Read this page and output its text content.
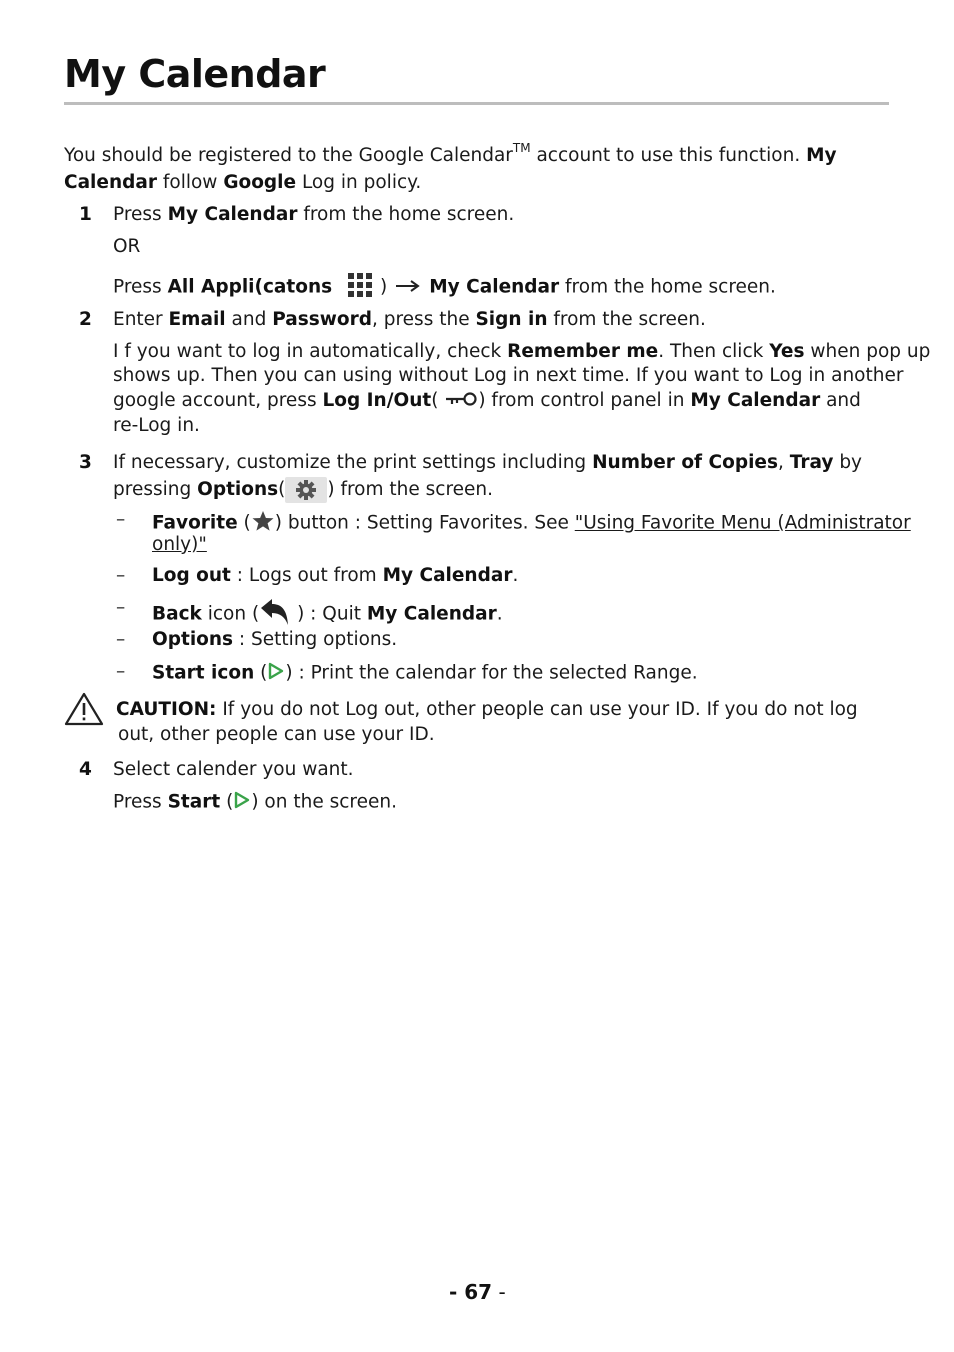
My Calendar
You should be registered to the Google Calendar™ account to use this function. My
Calendar follow Google Log in policy.
1 Press My Calendar from the home screen.
OR
Press All Appli(catons ) My Calendar from the home screen.
2 Enter Email and Password, press the Sign in from the screen.
I f you want to log in automatically, check Remember me. Then click Yes when pop up
shows up. Then you can using without Log in next time. If you want to Log in another
google account, press Log In/Out( ) from control panel in My Calendar and
re-Log in.
3 If necessary, customize the print settings including Number of Copies, Tray by
pressing Options( ) from the screen.
– Favorite ( ) button : Setting Favorites. See "Using Favorite Menu (Administrator
only)"
– Log out : Logs out from My Calendar.
– Back icon ( ) : Quit My Calendar.
– Options : Setting options.
– Start icon ( ) : Print the calendar for the selected Range.
CAUTION: If you do not Log out, other people can use your ID. If you do not log
out, other people can use your ID.
4 Select calender you want.
Press Start ( ) on the screen.
- 67 -
